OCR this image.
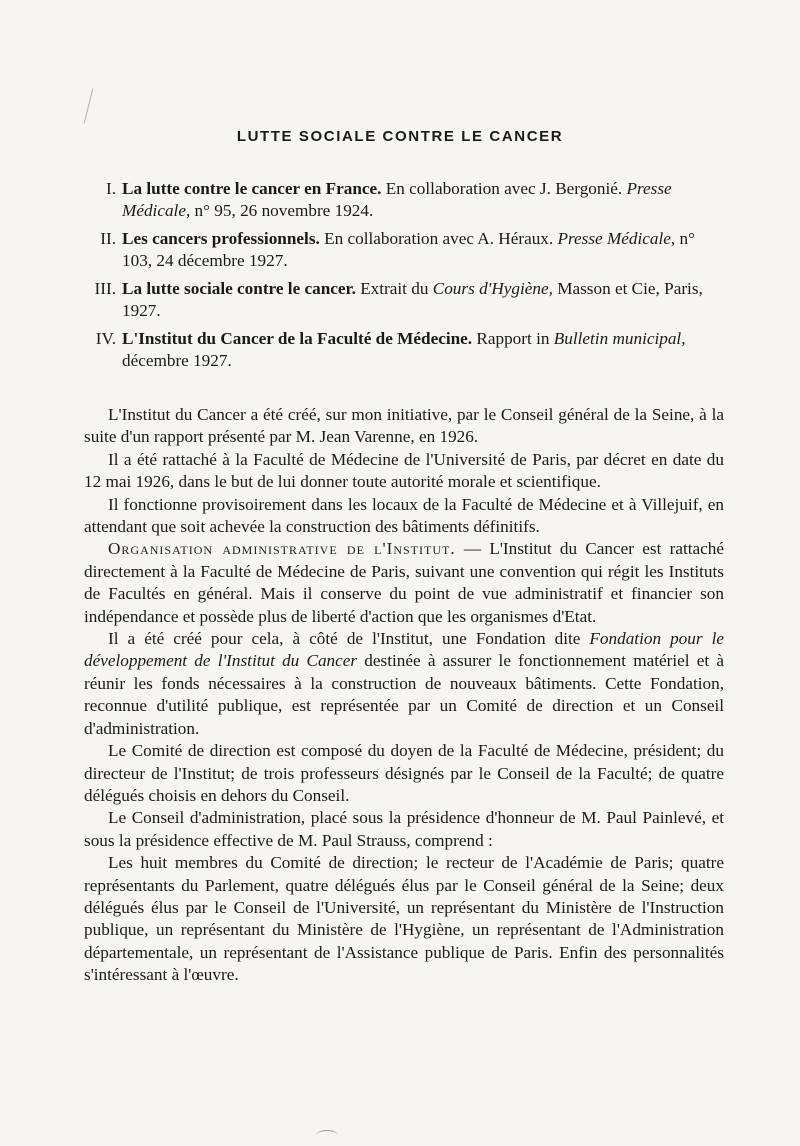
LUTTE SOCIALE CONTRE LE CANCER
I. La lutte contre le cancer en France. En collaboration avec J. Bergonié. Presse Médicale, n° 95, 26 novembre 1924.
II. Les cancers professionnels. En collaboration avec A. Héraux. Presse Médicale, n° 103, 24 décembre 1927.
III. La lutte sociale contre le cancer. Extrait du Cours d'Hygiène, Masson et Cie, Paris, 1927.
IV. L'Institut du Cancer de la Faculté de Médecine. Rapport in Bulletin municipal, décembre 1927.

L'Institut du Cancer a été créé, sur mon initiative, par le Conseil général de la Seine, à la suite d'un rapport présenté par M. Jean Varenne, en 1926.

Il a été rattaché à la Faculté de Médecine de l'Université de Paris, par décret en date du 12 mai 1926, dans le but de lui donner toute autorité morale et scientifique.

Il fonctionne provisoirement dans les locaux de la Faculté de Médecine et à Villejuif, en attendant que soit achevée la construction des bâtiments définitifs.

Organisation administrative de l'Institut. — L'Institut du Cancer est rattaché directement à la Faculté de Médecine de Paris, suivant une convention qui régit les Instituts de Facultés en général. Mais il conserve du point de vue administratif et financier son indépendance et possède plus de liberté d'action que les organismes d'Etat.

Il a été créé pour cela, à côté de l'Institut, une Fondation dite Fondation pour le développement de l'Institut du Cancer destinée à assurer le fonctionnement matériel et à réunir les fonds nécessaires à la construction de nouveaux bâtiments. Cette Fondation, reconnue d'utilité publique, est représentée par un Comité de direction et un Conseil d'administration.

Le Comité de direction est composé du doyen de la Faculté de Médecine, président; du directeur de l'Institut; de trois professeurs désignés par le Conseil de la Faculté; de quatre délégués choisis en dehors du Conseil.

Le Conseil d'administration, placé sous la présidence d'honneur de M. Paul Painlevé, et sous la présidence effective de M. Paul Strauss, comprend :

Les huit membres du Comité de direction; le recteur de l'Académie de Paris; quatre représentants du Parlement, quatre délégués élus par le Conseil général de la Seine; deux délégués élus par le Conseil de l'Université, un représentant du Ministère de l'Instruction publique, un représentant du Ministère de l'Hygiène, un représentant de l'Administration départementale, un représentant de l'Assistance publique de Paris. Enfin des personnalités s'intéressant à l'œuvre.
